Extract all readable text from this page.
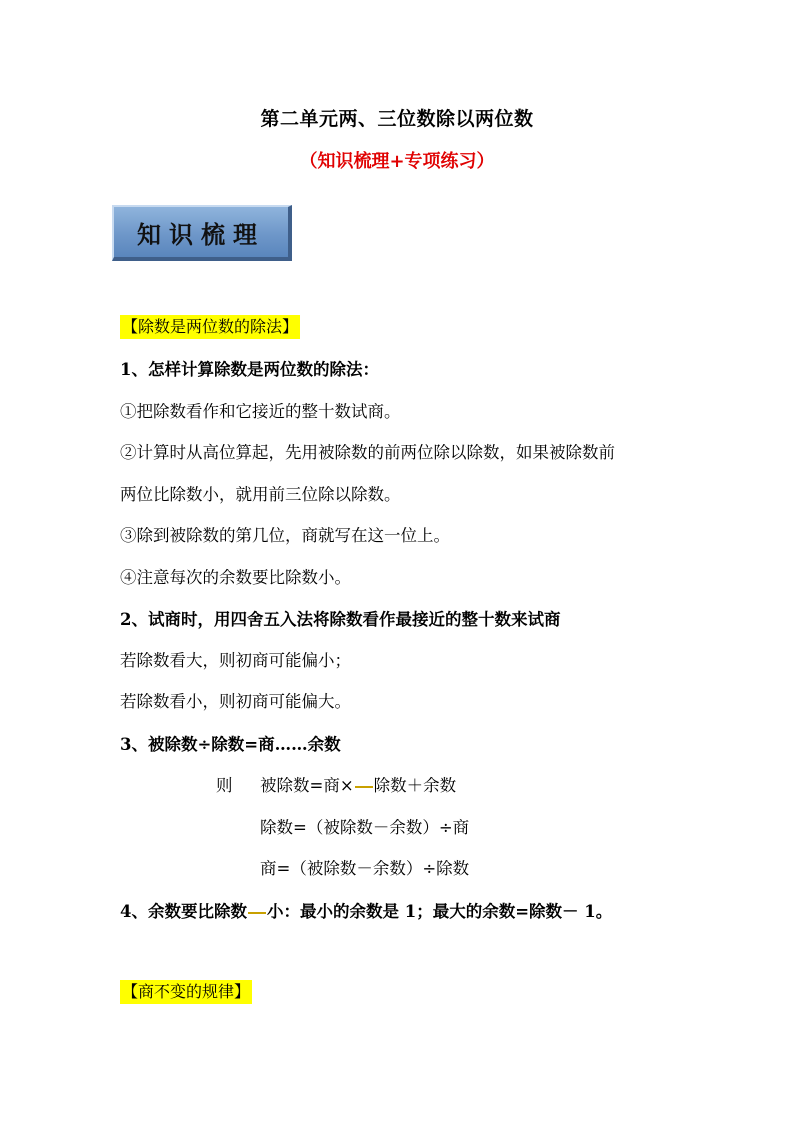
第二单元两、三位数除以两位数
（知识梳理+专项练习）
知识梳理
【除数是两位数的除法】
1、怎样计算除数是两位数的除法：
①把除数看作和它接近的整十数试商。
②计算时从高位算起，先用被除数的前两位除以除数，如果被除数前
两位比除数小，就用前三位除以除数。
③除到被除数的第几位，商就写在这一位上。
④注意每次的余数要比除数小。
2、试商时，用四舍五入法将除数看作最接近的整十数来试商
若除数看大，则初商可能偏小；
若除数看小，则初商可能偏大。
3、被除数÷除数=商……余数
则 被除数=商× 除数＋余数
除数=（被除数－余数）÷商
商=（被除数－余数）÷除数
4、余数要比除数 小：最小的余数是 1；最大的余数=除数－ 1。
【商不变的规律】
